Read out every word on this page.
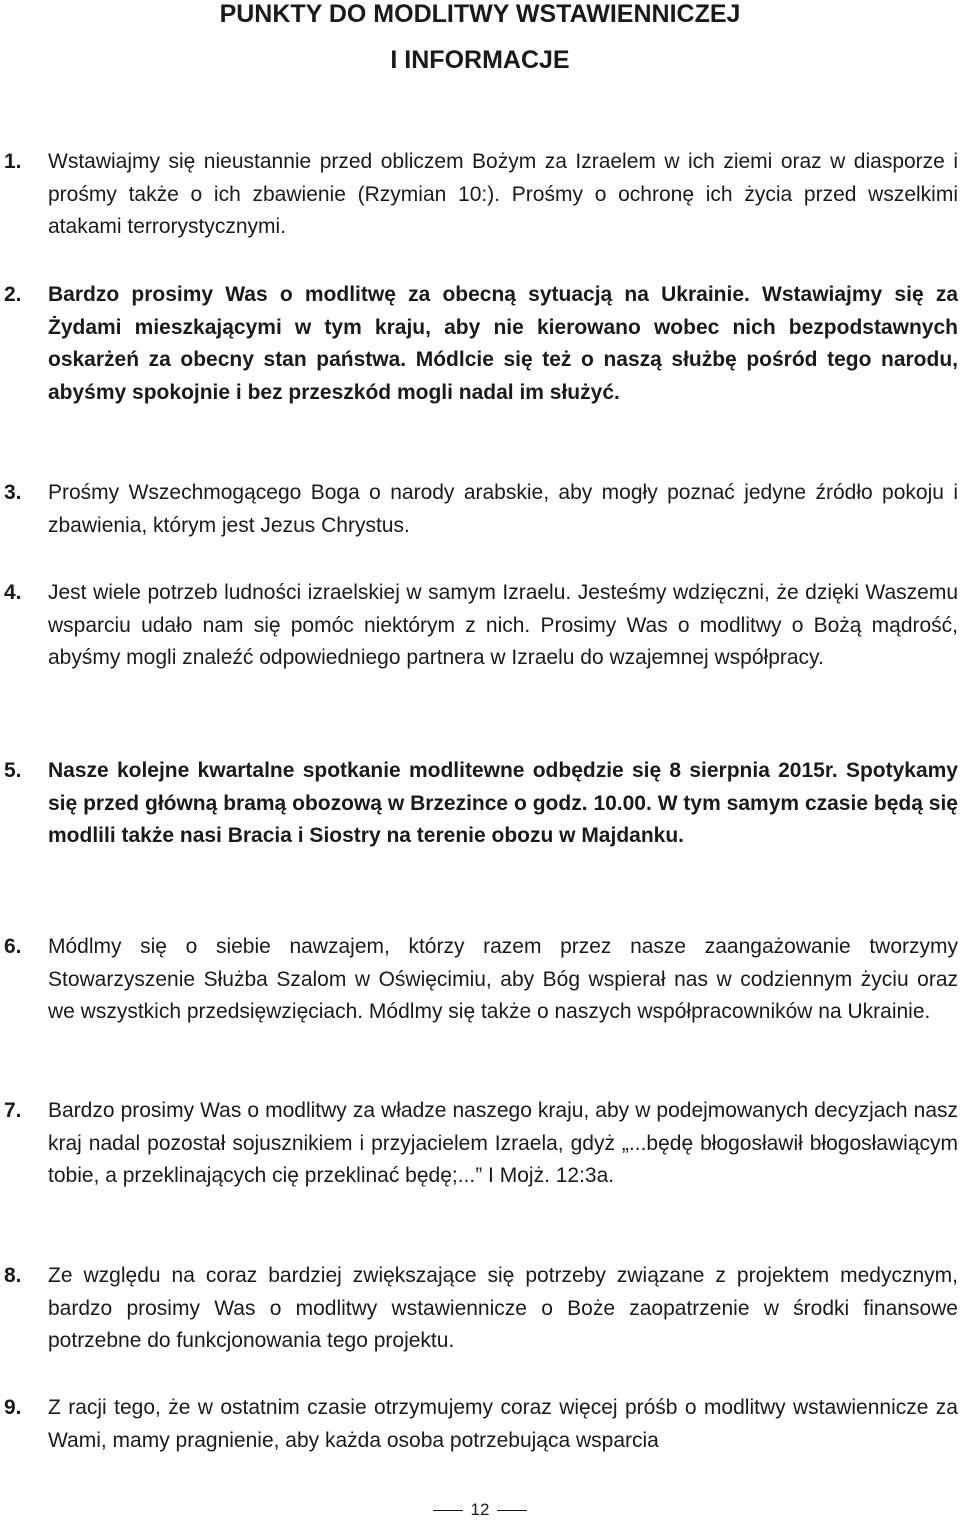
PUNKTY DO MODLITWY WSTAWIENNICZEJ
I INFORMACJE
1. Wstawiajmy się nieustannie przed obliczem Bożym za Izraelem w ich ziemi oraz w diasporze i prośmy także o ich zbawienie (Rzymian 10:). Prośmy o ochronę ich życia przed wszelkimi atakami terrorystycznymi.

2. Bardzo prosimy Was o modlitwę za obecną sytuacją na Ukrainie. Wstawiajmy się za Żydami mieszkającymi w tym kraju, aby nie kierowano wobec nich bezpodstawnych oskarżeń za obecny stan państwa. Módlcie się też o naszą służbę pośród tego narodu, abyśmy spokojnie i bez przeszkód mogli nadal im służyć.

3. Prośmy Wszechmogącego Boga o narody arabskie, aby mogły poznać jedyne źródło pokoju i zbawienia, którym jest Jezus Chrystus.

4. Jest wiele potrzeb ludności izraelskiej w samym Izraelu. Jesteśmy wdzięczni, że dzięki Waszemu wsparciu udało nam się pomóc niektórym z nich. Prosimy Was o modlitwy o Bożą mądrość, abyśmy mogli znaleźć odpowiedniego partnera w Izraelu do wzajemnej współpracy.

5. Nasze kolejne kwartalne spotkanie modlitewne odbędzie się 8 sierpnia 2015r. Spotykamy się przed główną bramą obozową w Brzezince o godz. 10.00. W tym samym czasie będą się modlili także nasi Bracia i Siostry na terenie obozu w Majdanku.

6. Módlmy się o siebie nawzajem, którzy razem przez nasze zaangażowanie tworzymy Stowarzyszenie Służba Szalom w Oświęcimiu, aby Bóg wspierał nas w codziennym życiu oraz we wszystkich przedsięwzięciach. Módlmy się także o naszych współpracowników na Ukrainie.

7. Bardzo prosimy Was o modlitwy za władze naszego kraju, aby w podejmowanych decyzjach nasz kraj nadal pozostał sojusznikiem i przyjacielem Izraela, gdyż „...będę błogosławił błogosławiącym tobie, a przeklinających cię przeklinać będę;...” I Mojż. 12:3a.

8. Ze względu na coraz bardziej zwiększające się potrzeby związane z projektem medycznym, bardzo prosimy Was o modlitwy wstawiennicze o Boże zaopatrzenie w środki finansowe potrzebne do funkcjonowania tego projektu.

9. Z racji tego, że w ostatnim czasie otrzymujemy coraz więcej próśb o modlitwy wstawiennicze za Wami, mamy pragnienie, aby każda osoba potrzebująca wsparcia

12
